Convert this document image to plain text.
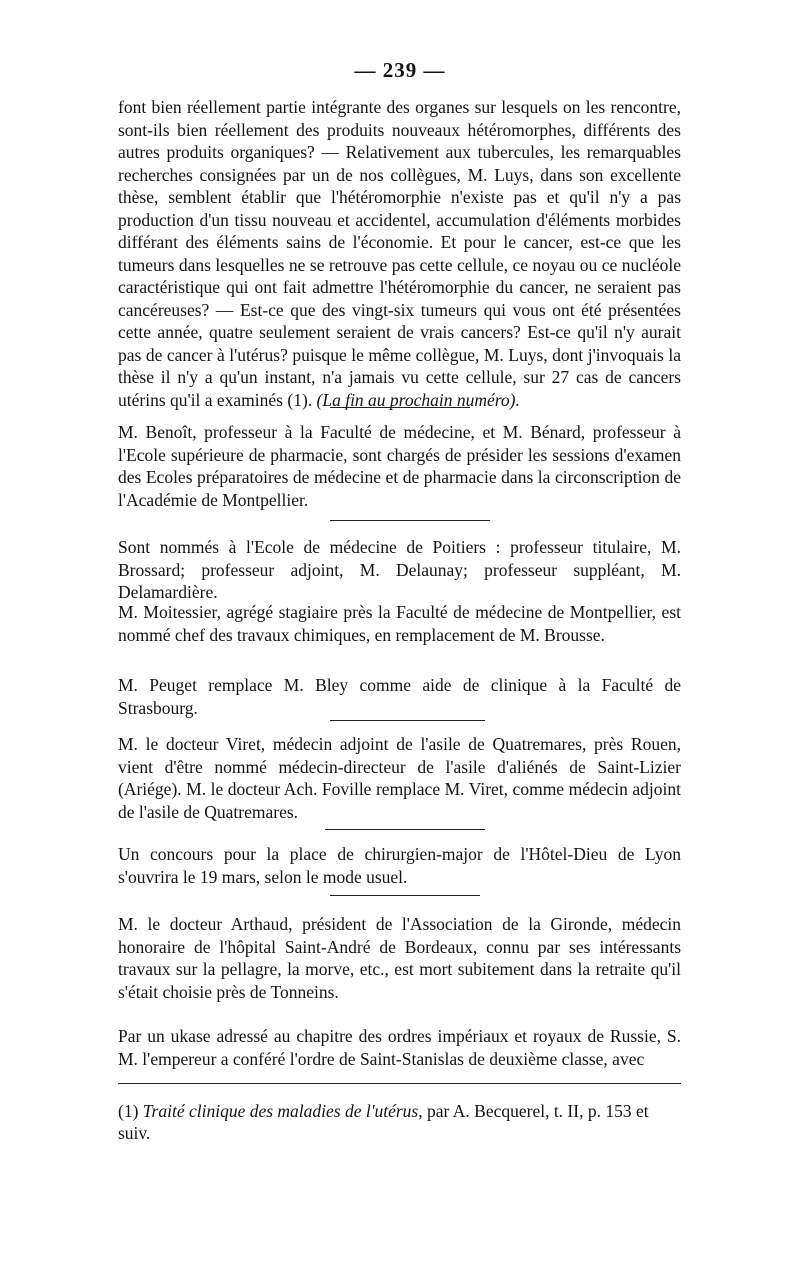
— 239 —

font bien réellement partie intégrante des organes sur lesquels on les rencontre, sont-ils bien réellement des produits nouveaux hétéromorphes, différents des autres produits organiques? — Relativement aux tubercules, les remarquables recherches consignées par un de nos collègues, M. Luys, dans son excellente thèse, semblent établir que l'hétéromorphie n'existe pas et qu'il n'y a pas production d'un tissu nouveau et accidentel, accumulation d'éléments morbides différant des éléments sains de l'économie. Et pour le cancer, est-ce que les tumeurs dans lesquelles ne se retrouve pas cette cellule, ce noyau ou ce nucléole caractéristique qui ont fait admettre l'hétéromorphie du cancer, ne seraient pas cancéreuses? — Est-ce que des vingt-six tumeurs qui vous ont été présentées cette année, quatre seulement seraient de vrais cancers? Est-ce qu'il n'y aurait pas de cancer à l'utérus? puisque le même collègue, M. Luys, dont j'invoquais la thèse il n'y a qu'un instant, n'a jamais vu cette cellule, sur 27 cas de cancers utérins qu'il a examinés (1). (La fin au prochain numéro).

M. Benoît, professeur à la Faculté de médecine, et M. Bénard, professeur à l'Ecole supérieure de pharmacie, sont chargés de présider les sessions d'examen des Ecoles préparatoires de médecine et de pharmacie dans la circonscription de l'Académie de Montpellier.

Sont nommés à l'Ecole de médecine de Poitiers : professeur titulaire, M. Brossard; professeur adjoint, M. Delaunay; professeur suppléant, M. Delamardière.

M. Moitessier, agrégé stagiaire près la Faculté de médecine de Montpellier, est nommé chef des travaux chimiques, en remplacement de M. Brousse.

M. Peuget remplace M. Bley comme aide de clinique à la Faculté de Strasbourg.

M. le docteur Viret, médecin adjoint de l'asile de Quatremares, près Rouen, vient d'être nommé médecin-directeur de l'asile d'aliénés de Saint-Lizier (Ariége). M. le docteur Ach. Foville remplace M. Viret, comme médecin adjoint de l'asile de Quatremares.

Un concours pour la place de chirurgien-major de l'Hôtel-Dieu de Lyon s'ouvrira le 19 mars, selon le mode usuel.

M. le docteur Arthaud, président de l'Association de la Gironde, médecin honoraire de l'hôpital Saint-André de Bordeaux, connu par ses intéressants travaux sur la pellagre, la morve, etc., est mort subitement dans la retraite qu'il s'était choisie près de Tonneins.

Par un ukase adressé au chapitre des ordres impériaux et royaux de Russie, S. M. l'empereur a conféré l'ordre de Saint-Stanislas de deuxième classe, avec

(1) Traité clinique des maladies de l'utérus, par A. Becquerel, t. II, p. 153 et suiv.
